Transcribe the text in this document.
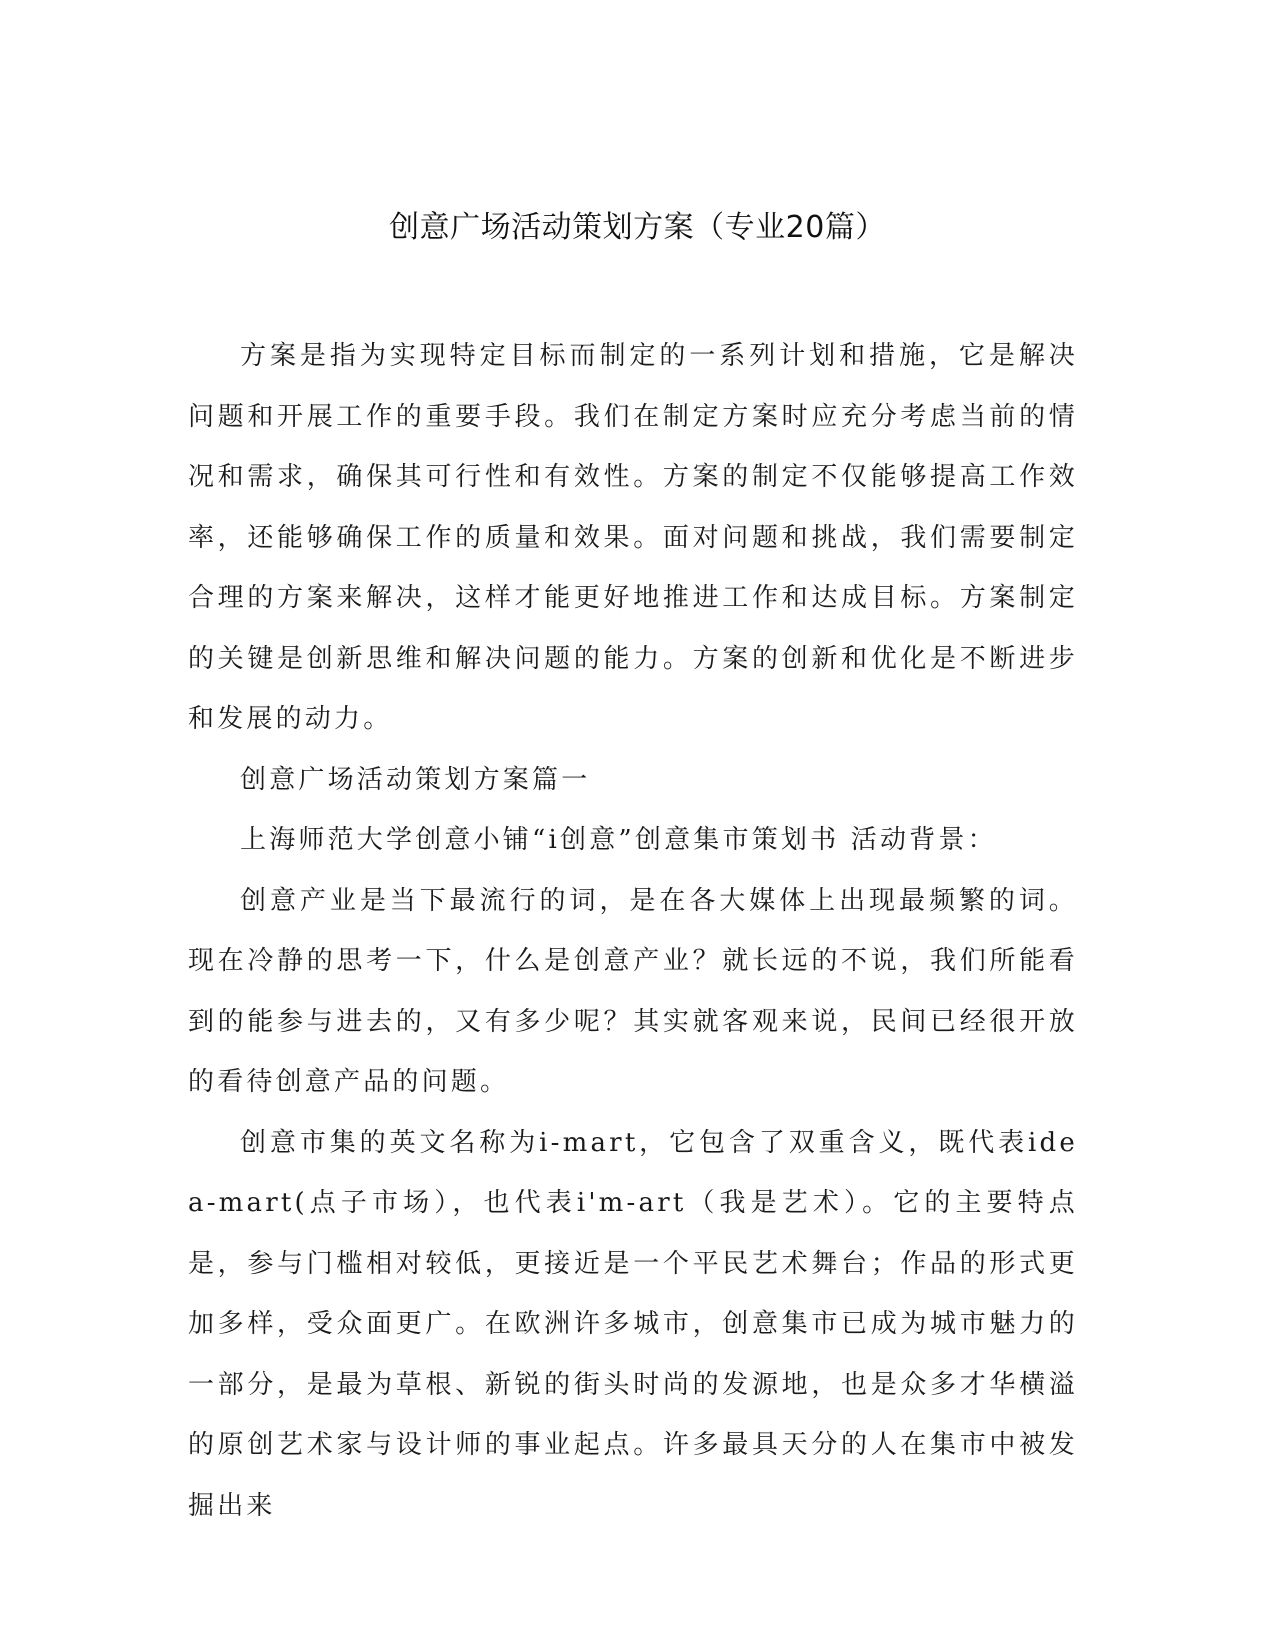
创意广场活动策划方案（专业20篇）

方案是指为实现特定目标而制定的一系列计划和措施，它是解决问题和开展工作的重要手段。我们在制定方案时应充分考虑当前的情况和需求，确保其可行性和有效性。方案的制定不仅能够提高工作效率，还能够确保工作的质量和效果。面对问题和挑战，我们需要制定合理的方案来解决，这样才能更好地推进工作和达成目标。方案制定的关键是创新思维和解决问题的能力。方案的创新和优化是不断进步和发展的动力。

创意广场活动策划方案篇一

上海师范大学创意小铺“i创意”创意集市策划书 活动背景：

创意产业是当下最流行的词，是在各大媒体上出现最频繁的词。现在冷静的思考一下，什么是创意产业？就长远的不说，我们所能看到的能参与进去的，又有多少呢？其实就客观来说，民间已经很开放的看待创意产品的问题。

创意市集的英文名称为i-mart，它包含了双重含义，既代表idea-mart(点子市场），也代表i'm-art（我是艺术）。它的主要特点是，参与门槛相对较低，更接近是一个平民艺术舞台；作品的形式更加多样，受众面更广。在欧洲许多城市，创意集市已成为城市魅力的一部分，是最为草根、新锐的街头时尚的发源地，也是众多才华横溢的原创艺术家与设计师的事业起点。许多最具天分的人在集市中被发掘出来
